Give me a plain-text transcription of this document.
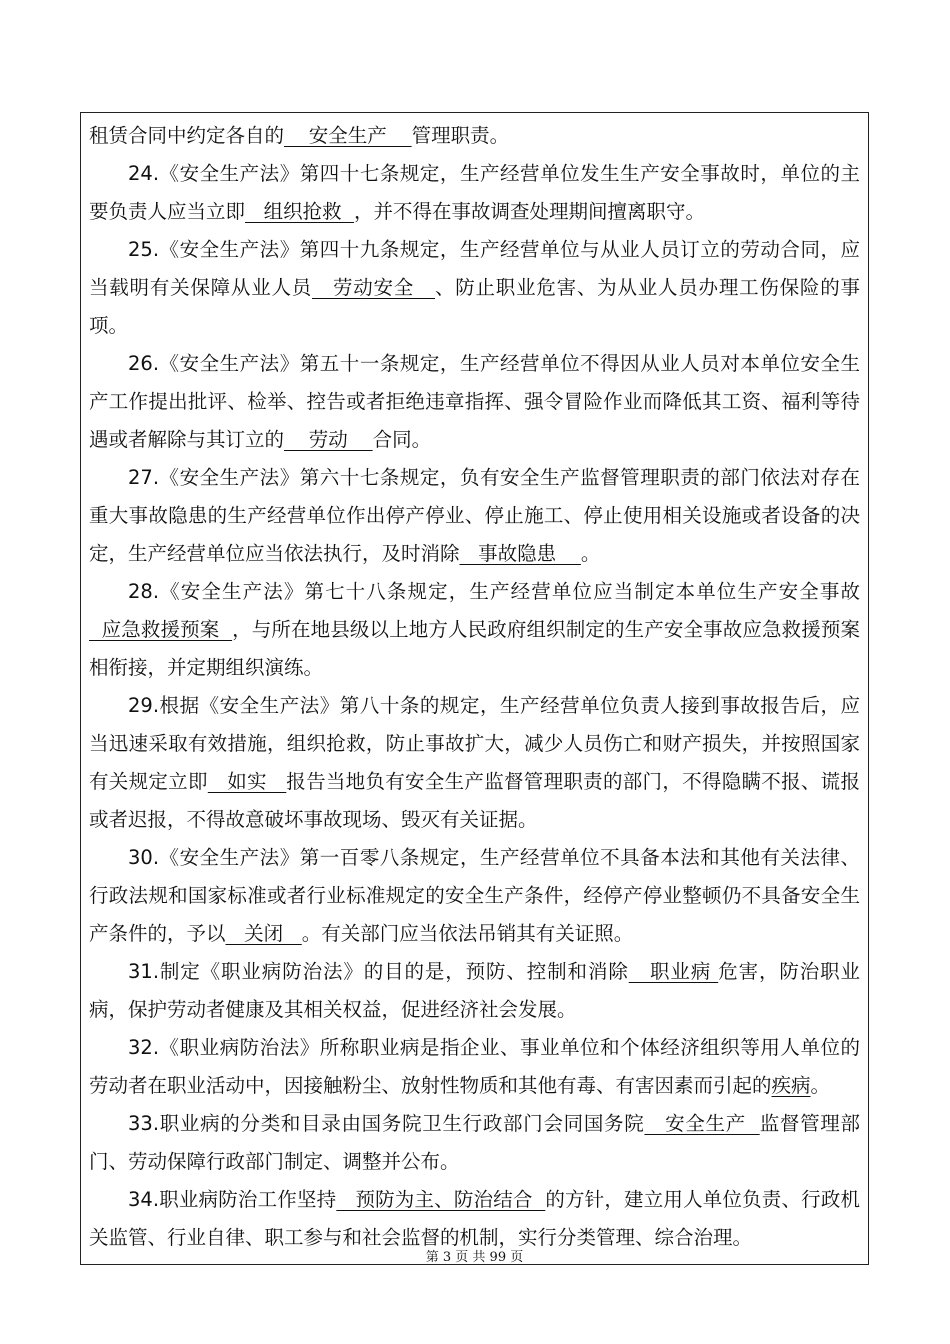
租赁合同中约定各自的    安全生产    管理职责。

24.《安全生产法》第四十七条规定，生产经营单位发生生产安全事故时，单位的主要负责人应当立即   组织抢救  ，并不得在事故调查处理期间擅离职守。

25.《安全生产法》第四十九条规定，生产经营单位与从业人员订立的劳动合同，应当载明有关保障从业人员   劳动安全   、防止职业危害、为从业人员办理工伤保险的事项。

26.《安全生产法》第五十一条规定，生产经营单位不得因从业人员对本单位安全生产工作提出批评、检举、控告或者拒绝违章指挥、强令冒险作业而降低其工资、福利等待遇或者解除与其订立的    劳动    合同。

27.《安全生产法》第六十七条规定，负有安全生产监督管理职责的部门依法对存在重大事故隐患的生产经营单位作出停产停业、停止施工、停止使用相关设施或者设备的决定，生产经营单位应当依法执行，及时消除   事故隐患    。

28.《安全生产法》第七十八条规定，生产经营单位应当制定本单位生产安全事故  应急救援预案  ，与所在地县级以上地方人民政府组织制定的生产安全事故应急救援预案相衔接，并定期组织演练。

29.根据《安全生产法》第八十条的规定，生产经营单位负责人接到事故报告后，应当迅速采取有效措施，组织抢救，防止事故扩大，减少人员伤亡和财产损失，并按照国家有关规定立即   如实   报告当地负有安全生产监督管理职责的部门，不得隐瞒不报、谎报或者迟报，不得故意破坏事故现场、毁灭有关证据。

30.《安全生产法》第一百零八条规定，生产经营单位不具备本法和其他有关法律、行政法规和国家标准或者行业标准规定的安全生产条件，经停产停业整顿仍不具备安全生产条件的，予以   关闭   。有关部门应当依法吊销其有关证照。

31.制定《职业病防治法》的目的是，预防、控制和消除   职业病 危害，防治职业病，保护劳动者健康及其相关权益，促进经济社会发展。

32.《职业病防治法》所称职业病是指企业、事业单位和个体经济组织等用人单位的劳动者在职业活动中，因接触粉尘、放射性物质和其他有毒、有害因素而引起的疾病。

33.职业病的分类和目录由国务院卫生行政部门会同国务院   安全生产  监督管理部门、劳动保障行政部门制定、调整并公布。

34.职业病防治工作坚持   预防为主、防治结合  的方针，建立用人单位负责、行政机关监管、行业自律、职工参与和社会监督的机制，实行分类管理、综合治理。

第 3 页 共 99 页
